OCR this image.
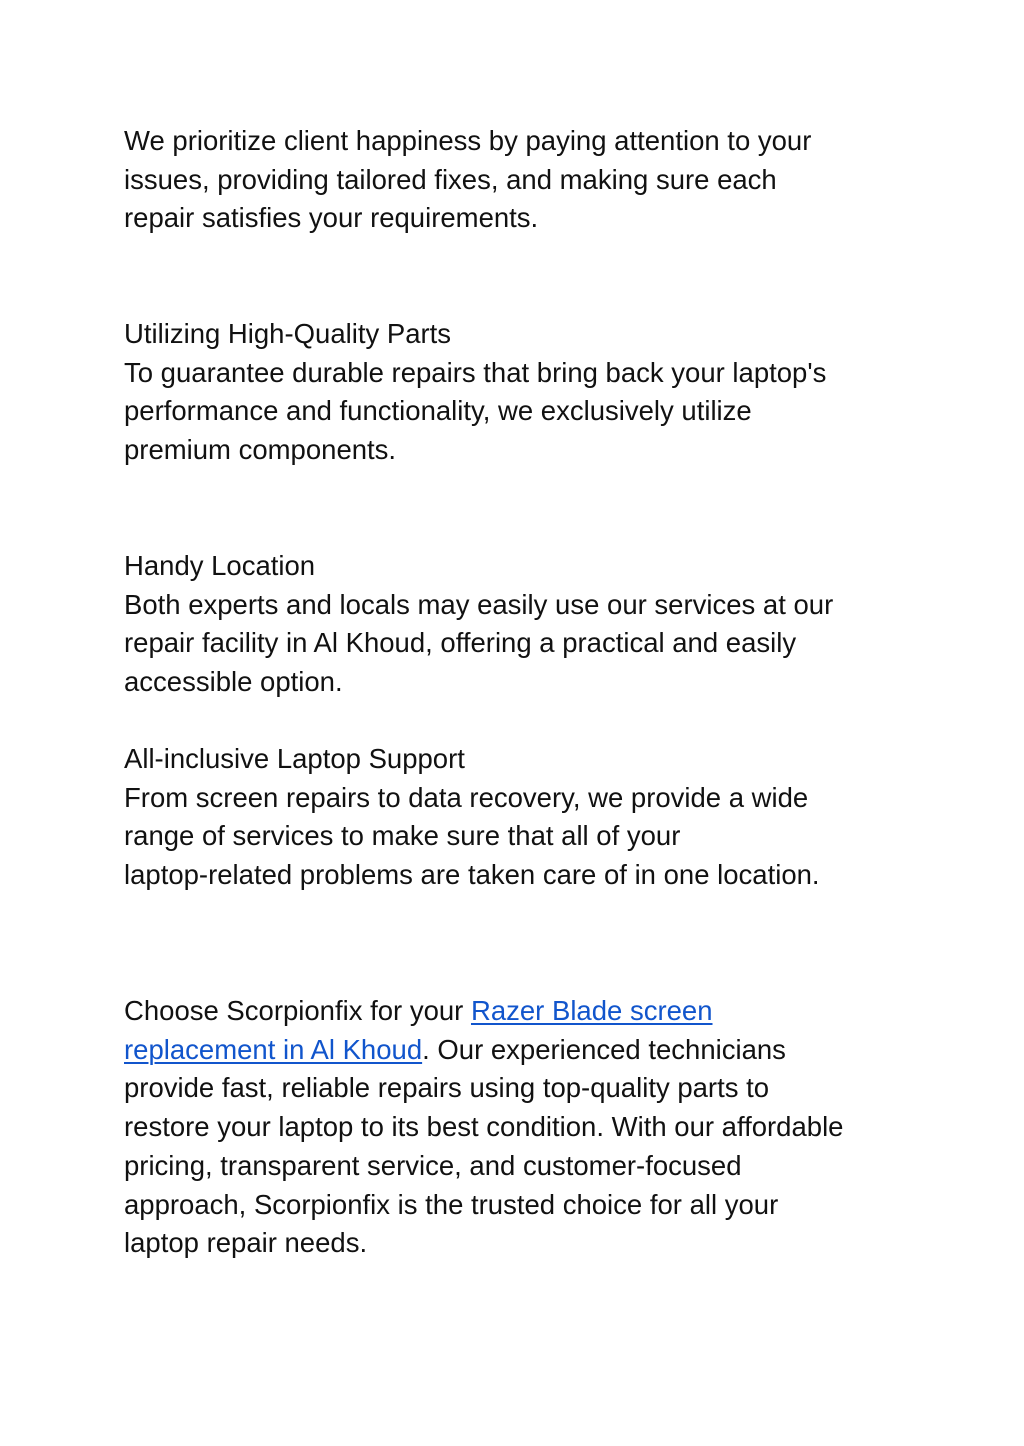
We prioritize client happiness by paying attention to your
issues, providing tailored fixes, and making sure each
repair satisfies your requirements.

Utilizing High-Quality Parts
To guarantee durable repairs that bring back your laptop's
performance and functionality, we exclusively utilize
premium components.
Handy Location
Both experts and locals may easily use our services at our
repair facility in Al Khoud, offering a practical and easily
accessible option.
All-inclusive Laptop Support
From screen repairs to data recovery, we provide a wide
range of services to make sure that all of your
laptop-related problems are taken care of in one location.
Choose Scorpionfix for your Razer Blade screen
replacement in Al Khoud. Our experienced technicians
provide fast, reliable repairs using top-quality parts to
restore your laptop to its best condition. With our affordable
pricing, transparent service, and customer-focused
approach, Scorpionfix is the trusted choice for all your
laptop repair needs.
